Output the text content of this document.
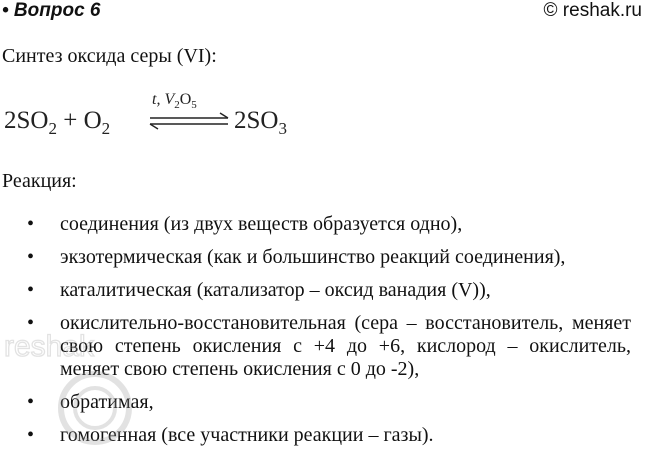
• Вопрос 6	© reshak.ru
Синтез оксида серы (VI):
$2SO_2 + O_2$
t, $V_2O_5$
$2SO_3$
Реакция:
• соединения (из двух веществ образуется одно),
• экзотермическая (как и большинство реакций соединения),
• каталитическая (катализатор – оксид ванадия (V)),
• окислительно-восстановительная (сера – восстановитель, меняет свою степень окисления с +4 до +6, кислород – окислитель, меняет свою степень окисления с 0 до -2),
• обратимая,
• гомогенная (все участники реакции – газы).
reshak
